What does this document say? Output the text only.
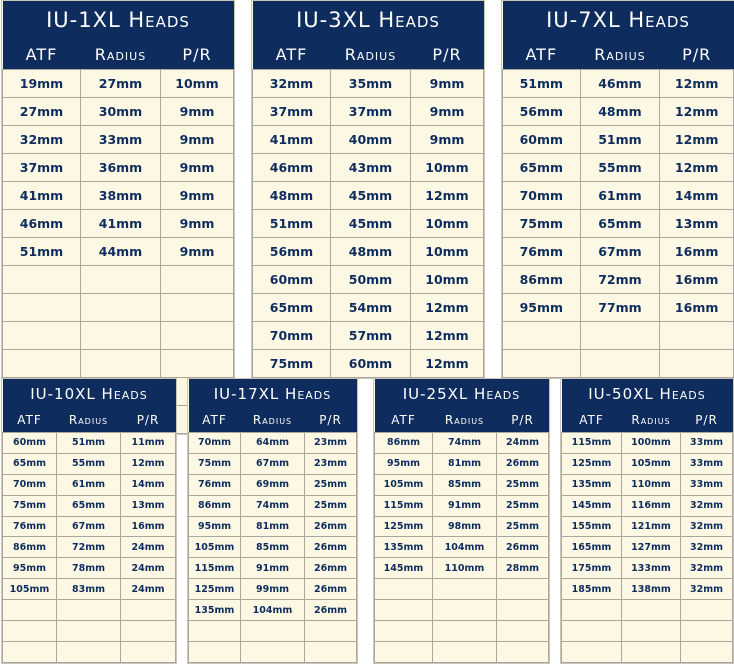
IU-1XL Heads		
ATF	Radius	P/R
19mm	27mm	10mm
27mm	30mm	9mm
32mm	33mm	9mm
37mm	36mm	9mm
41mm	38mm	9mm
46mm	41mm	9mm
51mm	44mm	9mm

IU-3XL Heads		
ATF	Radius	P/R
32mm	35mm	9mm
37mm	37mm	9mm
41mm	40mm	9mm
46mm	43mm	10mm
48mm	45mm	12mm
51mm	45mm	10mm
56mm	48mm	10mm
60mm	50mm	10mm
65mm	54mm	12mm
70mm	57mm	12mm
75mm	60mm	12mm
IU-7XL Heads		
ATF	Radius	P/R
51mm	46mm	12mm
56mm	48mm	12mm
60mm	51mm	12mm
65mm	55mm	12mm
70mm	61mm	14mm
75mm	65mm	13mm
76mm	67mm	16mm
86mm	72mm	16mm
95mm	77mm	16mm

IU-10XL Heads		
ATF	Radius	P/R
60mm	51mm	11mm
65mm	55mm	12mm
70mm	61mm	14mm
75mm	65mm	13mm
76mm	67mm	16mm
86mm	72mm	24mm
95mm	78mm	24mm
105mm	83mm	24mm

IU-17XL Heads		
ATF	Radius	P/R
70mm	64mm	23mm
75mm	67mm	23mm
76mm	69mm	25mm
86mm	74mm	25mm
95mm	81mm	26mm
105mm	85mm	26mm
115mm	91mm	26mm
125mm	99mm	26mm
135mm	104mm	26mm

IU-25XL Heads		
ATF	Radius	P/R
86mm	74mm	24mm
95mm	81mm	26mm
105mm	85mm	25mm
115mm	91mm	25mm
125mm	98mm	25mm
135mm	104mm	26mm
145mm	110mm	28mm

IU-50XL Heads		
ATF	Radius	P/R
115mm	100mm	33mm
125mm	105mm	33mm
135mm	110mm	33mm
145mm	116mm	32mm
155mm	121mm	32mm
165mm	127mm	32mm
175mm	133mm	32mm
185mm	138mm	32mm
